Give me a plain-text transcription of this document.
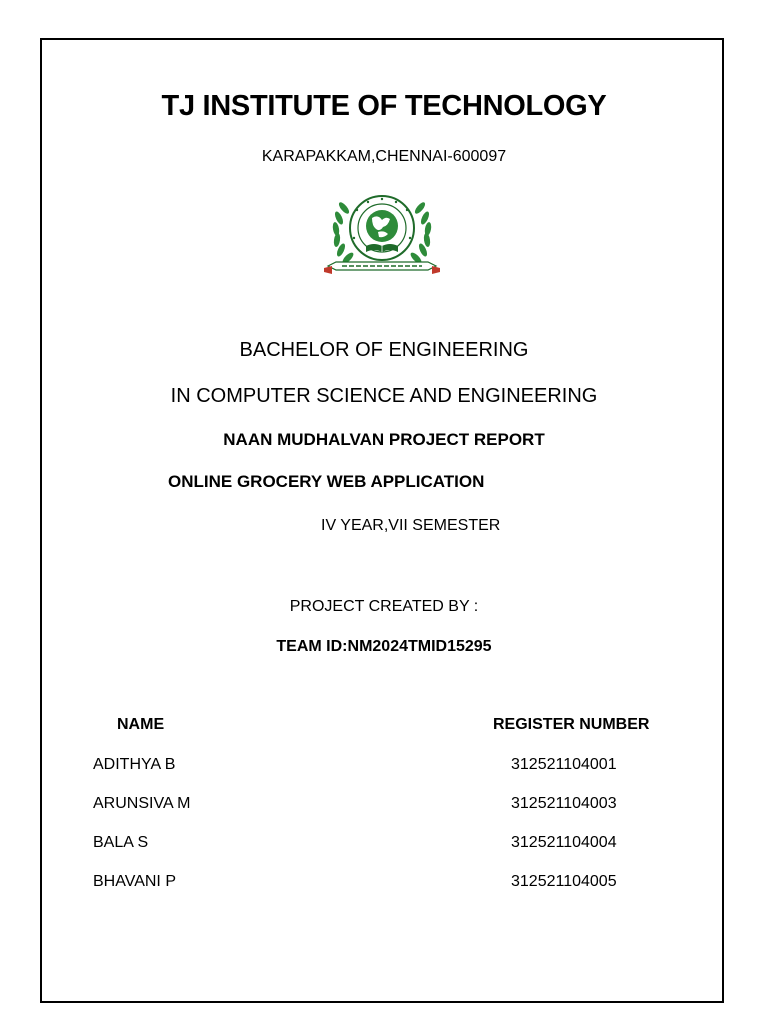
TJ INSTITUTE OF TECHNOLOGY
KARAPAKKAM,CHENNAI-600097
BACHELOR OF ENGINEERING
IN COMPUTER SCIENCE AND ENGINEERING
NAAN MUDHALVAN PROJECT REPORT
ONLINE GROCERY WEB APPLICATION
IV YEAR,VII SEMESTER
PROJECT CREATED BY :
TEAM ID:NM2024TMID15295
NAME	REGISTER NUMBER
ADITHYA B	312521104001
ARUNSIVA M	312521104003
BALA S	312521104004
BHAVANI P	312521104005
